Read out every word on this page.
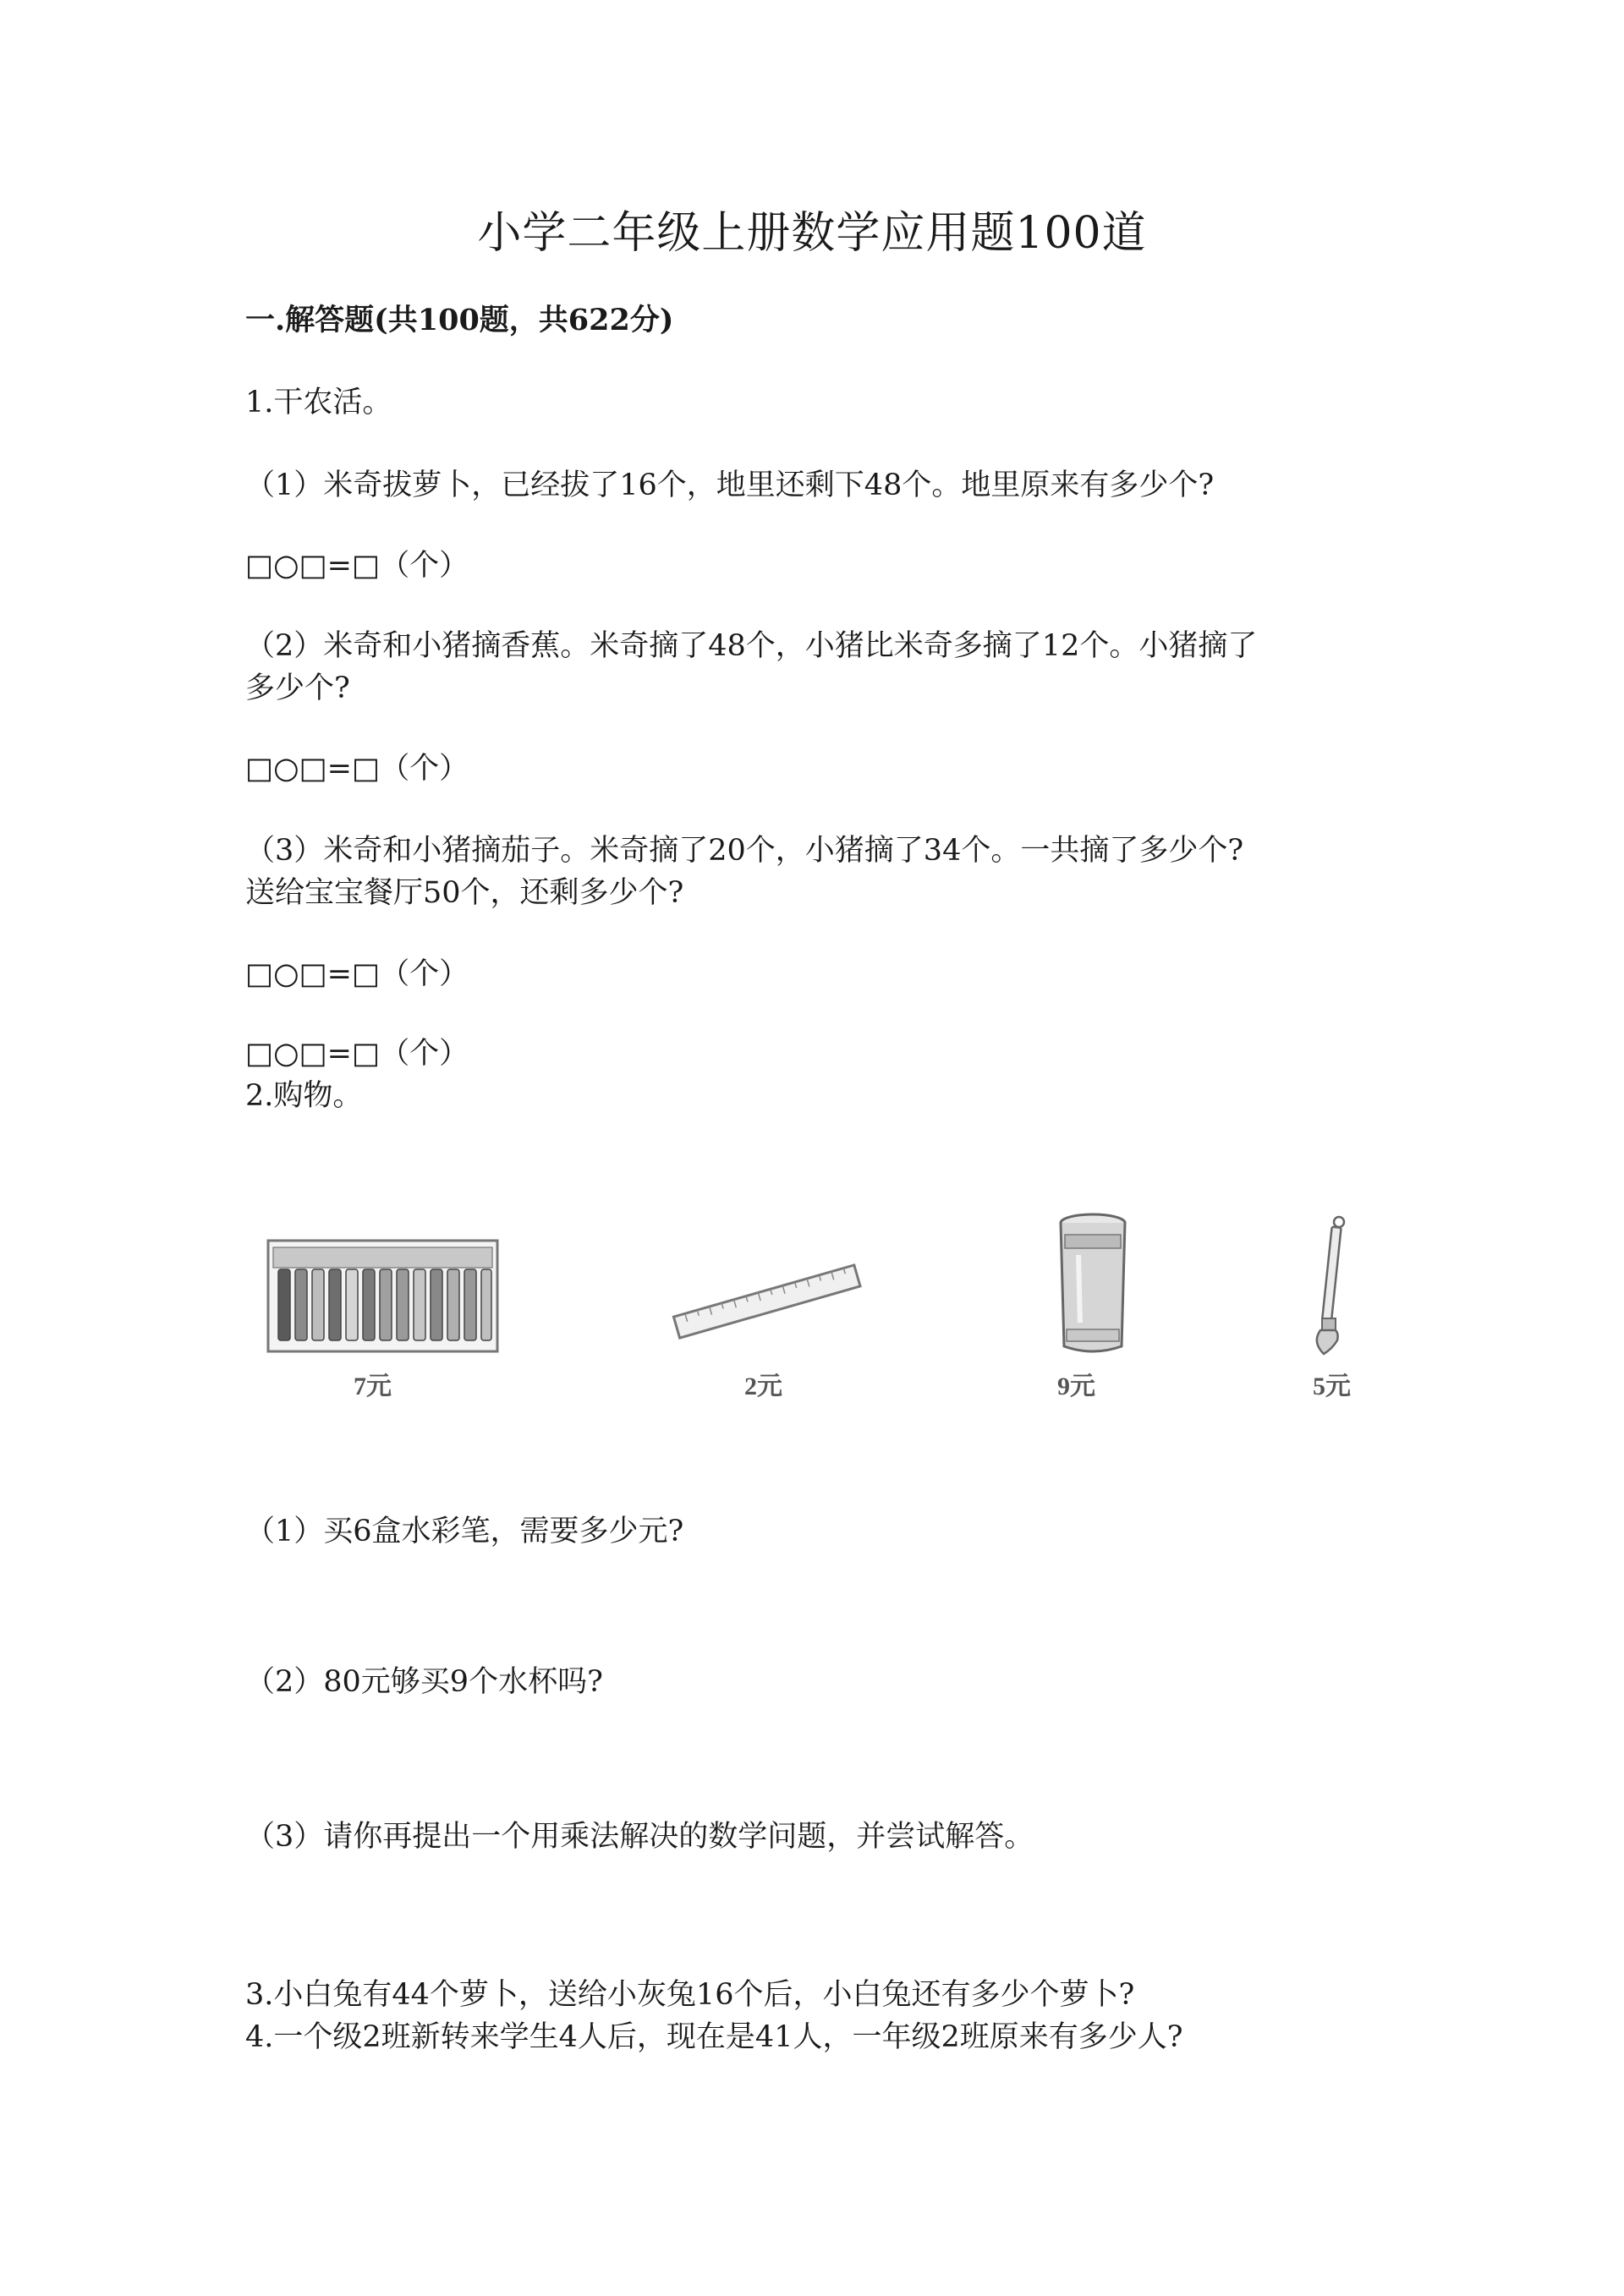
小学二年级上册数学应用题100道
一.解答题(共100题，共622分)
1.干农活。
（1）米奇拔萝卜，已经拔了16个，地里还剩下48个。地里原来有多少个?
□○□=□（个）
（2）米奇和小猪摘香蕉。米奇摘了48个，小猪比米奇多摘了12个。小猪摘了
多少个?
□○□=□（个）
（3）米奇和小猪摘茄子。米奇摘了20个，小猪摘了34个。一共摘了多少个?
送给宝宝餐厅50个，还剩多少个?
□○□=□（个）
□○□=□（个）
2.购物。
7元	2元	9元	5元
（1）买6盒水彩笔，需要多少元?
（2）80元够买9个水杯吗?
（3）请你再提出一个用乘法解决的数学问题，并尝试解答。
3.小白兔有44个萝卜，送给小灰兔16个后，小白兔还有多少个萝卜?
4.一个级2班新转来学生4人后，现在是41人，一年级2班原来有多少人?
